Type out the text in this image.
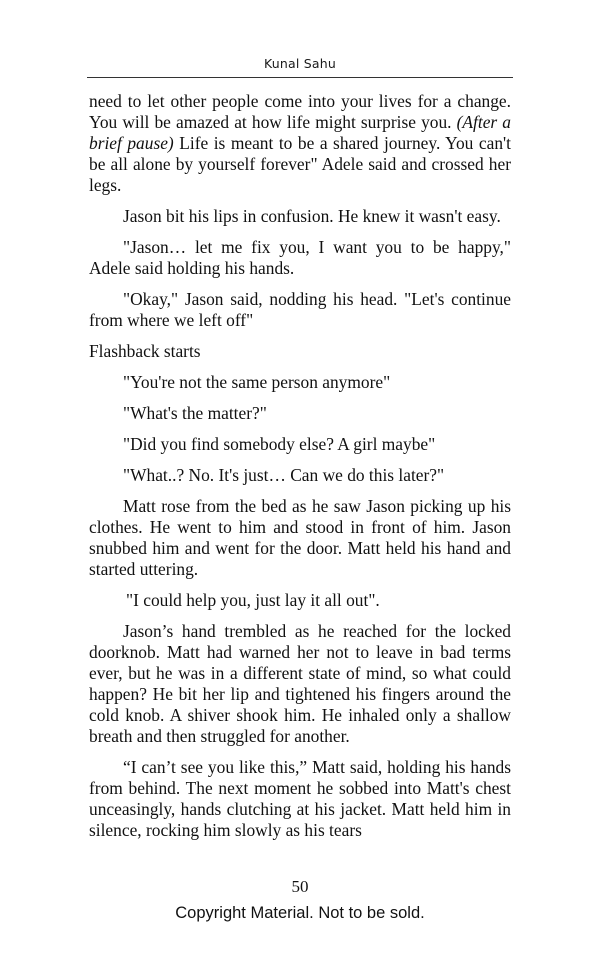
Kunal Sahu

need to let other people come into your lives for a change. You will be amazed at how life might surprise you. (After a brief pause) Life is meant to be a shared journey. You can't be all alone by yourself forever" Adele said and crossed her legs.

Jason bit his lips in confusion. He knew it wasn't easy.

"Jason… let me fix you, I want you to be happy," Adele said holding his hands.

"Okay," Jason said, nodding his head. "Let's continue from where we left off"

Flashback starts

"You're not the same person anymore"

"What's the matter?"

"Did you find somebody else? A girl maybe"

"What..? No. It's just… Can we do this later?"

Matt rose from the bed as he saw Jason picking up his clothes. He went to him and stood in front of him. Jason snubbed him and went for the door. Matt held his hand and started uttering.

"I could help you, just lay it all out".

Jason’s hand trembled as he reached for the locked doorknob. Matt had warned her not to leave in bad terms ever, but he was in a different state of mind, so what could happen? He bit her lip and tightened his fingers around the cold knob. A shiver shook him. He inhaled only a shallow breath and then struggled for another.

“I can’t see you like this,” Matt said, holding his hands from behind. The next moment he sobbed into Matt's chest unceasingly, hands clutching at his jacket. Matt held him in silence, rocking him slowly as his tears

50
Copyright Material. Not to be sold.
